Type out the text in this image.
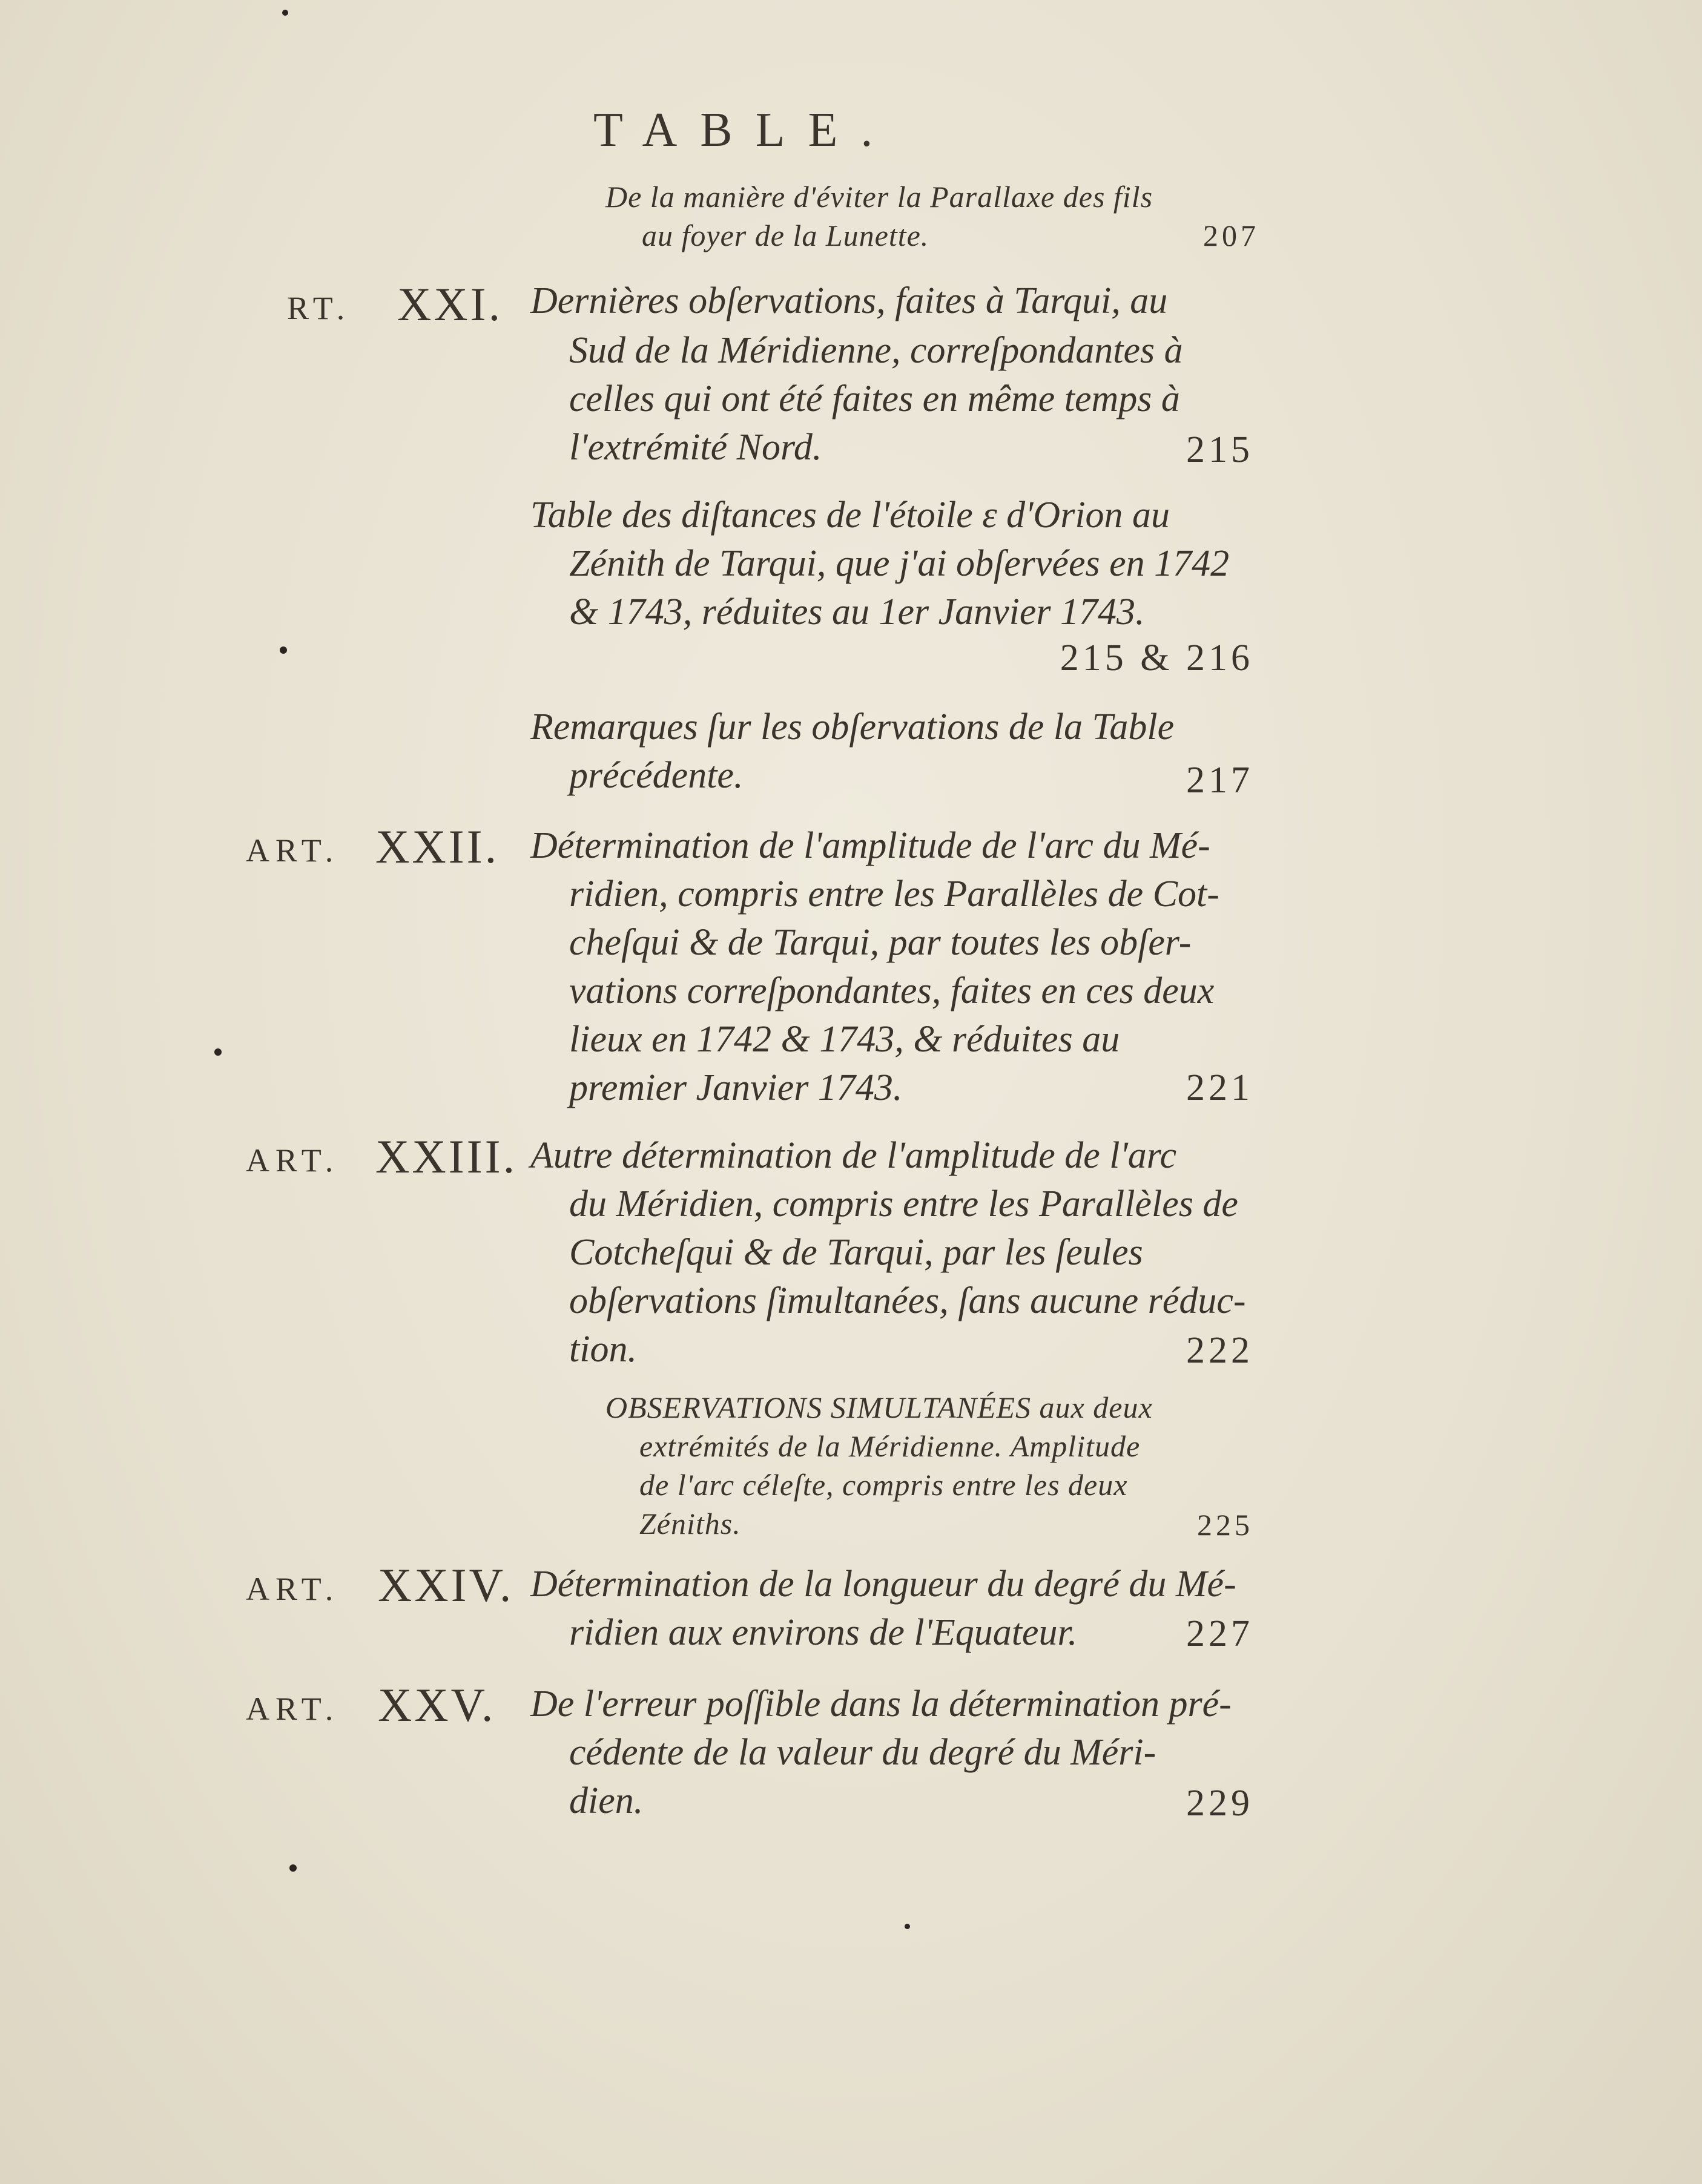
TABLE.
De la manière d'éviter la Parallaxe des fils
au foyer de la Lunette.	207
RT. XXI. Dernières obſervations, faites à Tarqui, au
Sud de la Méridienne, correſpondantes à
celles qui ont été faites en même temps à
l'extrémité Nord.	215
Table des diſtances de l'étoile ε d'Orion au
Zénith de Tarqui, que j'ai obſervées en 1742
& 1743, réduites au 1er Janvier 1743.
215 & 216
Remarques ſur les obſervations de la Table
précédente.	217
ART. XXII. Détermination de l'amplitude de l'arc du Mé-
ridien, compris entre les Parallèles de Cot-
cheſqui & de Tarqui, par toutes les obſer-
vations correſpondantes, faites en ces deux
lieux en 1742 & 1743, & réduites au
premier Janvier 1743.	221
ART. XXIII. Autre détermination de l'amplitude de l'arc
du Méridien, compris entre les Parallèles de
Cotcheſqui & de Tarqui, par les ſeules
obſervations ſimultanées, ſans aucune réduc-
tion.	222
OBSERVATIONS SIMULTANÉES aux deux
extrémités de la Méridienne. Amplitude
de l'arc céleſte, compris entre les deux
Zéniths.	225
ART. XXIV. Détermination de la longueur du degré du Mé-
ridien aux environs de l'Equateur.	227
ART. XXV. De l'erreur poſſible dans la détermination pré-
cédente de la valeur du degré du Méri-
dien.	229
